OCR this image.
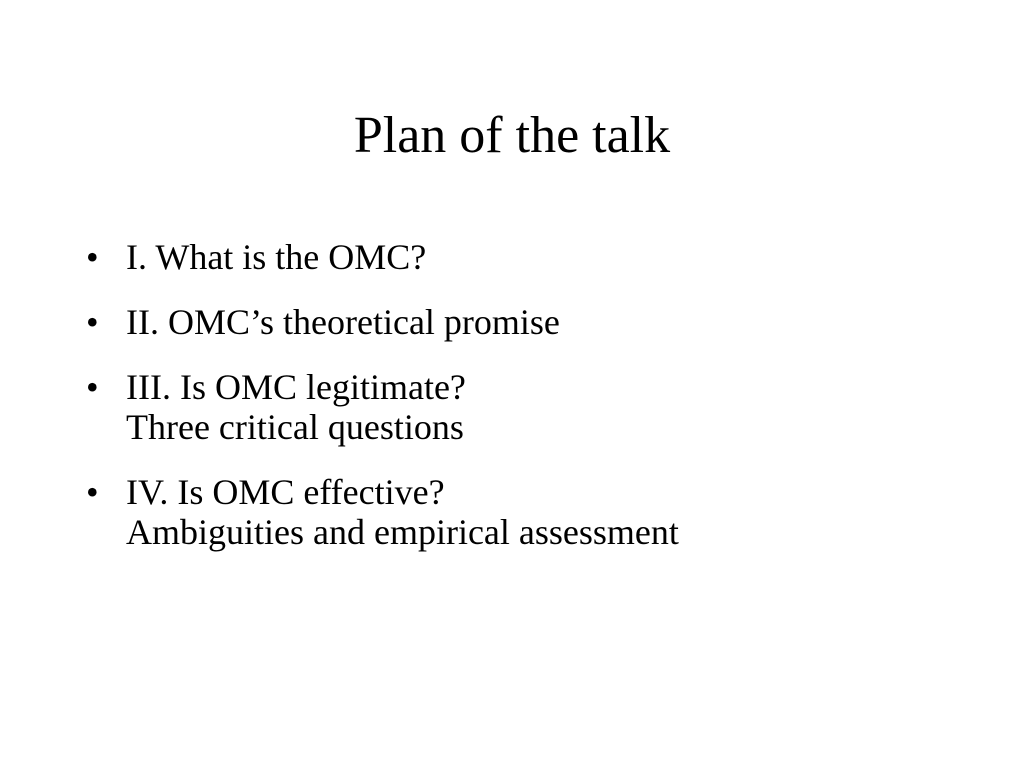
Plan of the talk
• I. What is the OMC?
• II. OMC’s theoretical promise
• III. Is OMC legitimate?
Three critical questions
• IV. Is OMC effective?
Ambiguities and empirical assessment
